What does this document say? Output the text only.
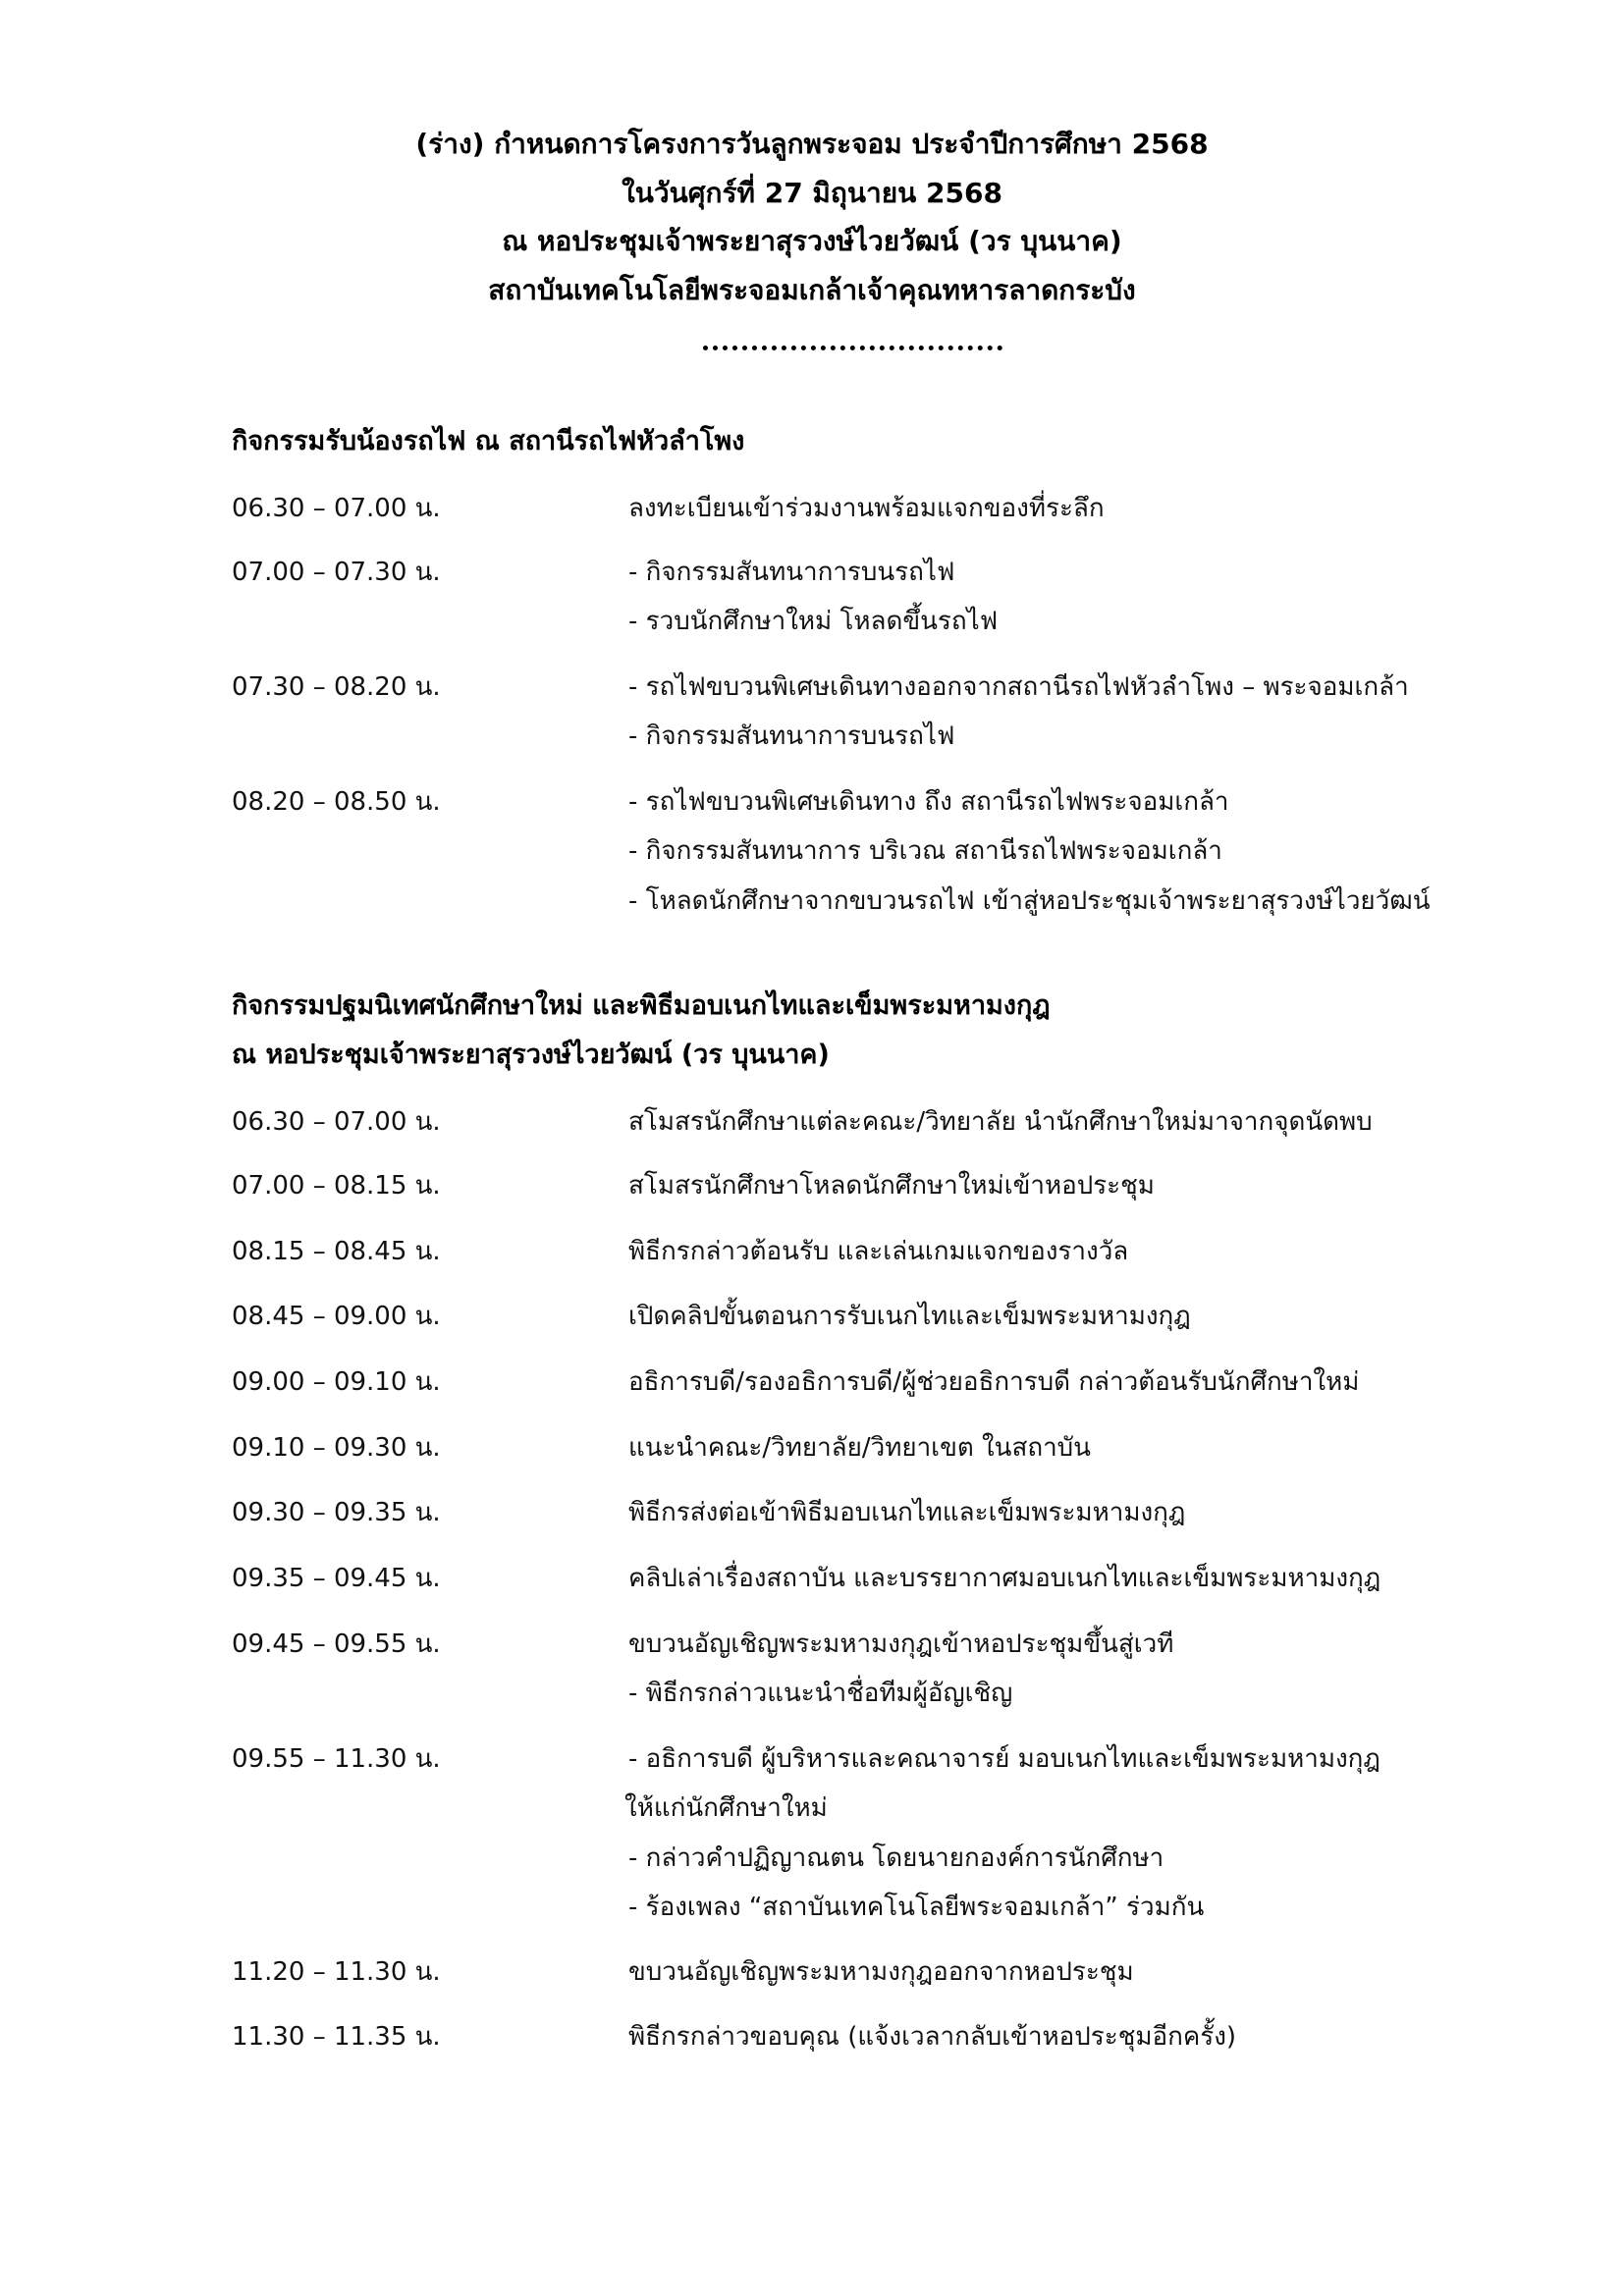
(ร่าง) กำหนดการโครงการวันลูกพระจอม ประจำปีการศึกษา 2568
ในวันศุกร์ที่ 27 มิถุนายน 2568
ณ หอประชุมเจ้าพระยาสุรวงษ์ไวยวัฒน์ (วร บุนนาค)
สถาบันเทคโนโลยีพระจอมเกล้าเจ้าคุณทหารลาดกระบัง
กิจกรรมรับน้องรถไฟ ณ สถานีรถไฟหัวลำโพง
06.30 – 07.00 น.	ลงทะเบียนเข้าร่วมงานพร้อมแจกของที่ระลึก
07.00 – 07.30 น.	- กิจกรรมสันทนาการบนรถไฟ
- รวบนักศึกษาใหม่ โหลดขึ้นรถไฟ
07.30 – 08.20 น.	- รถไฟขบวนพิเศษเดินทางออกจากสถานีรถไฟหัวลำโพง – พระจอมเกล้า
- กิจกรรมสันทนาการบนรถไฟ
08.20 – 08.50 น.	- รถไฟขบวนพิเศษเดินทาง ถึง สถานีรถไฟพระจอมเกล้า
- กิจกรรมสันทนาการ บริเวณ สถานีรถไฟพระจอมเกล้า
- โหลดนักศึกษาจากขบวนรถไฟ เข้าสู่หอประชุมเจ้าพระยาสุรวงษ์ไวยวัฒน์
กิจกรรมปฐมนิเทศนักศึกษาใหม่ และพิธีมอบเนกไทและเข็มพระมหามงกุฎ
ณ หอประชุมเจ้าพระยาสุรวงษ์ไวยวัฒน์ (วร บุนนาค)
06.30 – 07.00 น.	สโมสรนักศึกษาแต่ละคณะ/วิทยาลัย นำนักศึกษาใหม่มาจากจุดนัดพบ
07.00 – 08.15 น.	สโมสรนักศึกษาโหลดนักศึกษาใหม่เข้าหอประชุม
08.15 – 08.45 น.	พิธีกรกล่าวต้อนรับ และเล่นเกมแจกของรางวัล
08.45 – 09.00 น.	เปิดคลิปขั้นตอนการรับเนกไทและเข็มพระมหามงกุฎ
09.00 – 09.10 น.	อธิการบดี/รองอธิการบดี/ผู้ช่วยอธิการบดี กล่าวต้อนรับนักศึกษาใหม่
09.10 – 09.30 น.	แนะนำคณะ/วิทยาลัย/วิทยาเขต ในสถาบัน
09.30 – 09.35 น.	พิธีกรส่งต่อเข้าพิธีมอบเนกไทและเข็มพระมหามงกุฎ
09.35 – 09.45 น.	คลิปเล่าเรื่องสถาบัน และบรรยากาศมอบเนกไทและเข็มพระมหามงกุฎ
09.45 – 09.55 น.	ขบวนอัญเชิญพระมหามงกุฎเข้าหอประชุมขึ้นสู่เวที
- พิธีกรกล่าวแนะนำชื่อทีมผู้อัญเชิญ
09.55 – 11.30 น.	- อธิการบดี ผู้บริหารและคณาจารย์ มอบเนกไทและเข็มพระมหามงกุฎ
ให้แก่นักศึกษาใหม่
- กล่าวคำปฏิญาณตน โดยนายกองค์การนักศึกษา
- ร้องเพลง “สถาบันเทคโนโลยีพระจอมเกล้า” ร่วมกัน
11.20 – 11.30 น.	ขบวนอัญเชิญพระมหามงกุฎออกจากหอประชุม
11.30 – 11.35 น.	พิธีกรกล่าวขอบคุณ (แจ้งเวลากลับเข้าหอประชุมอีกครั้ง)
